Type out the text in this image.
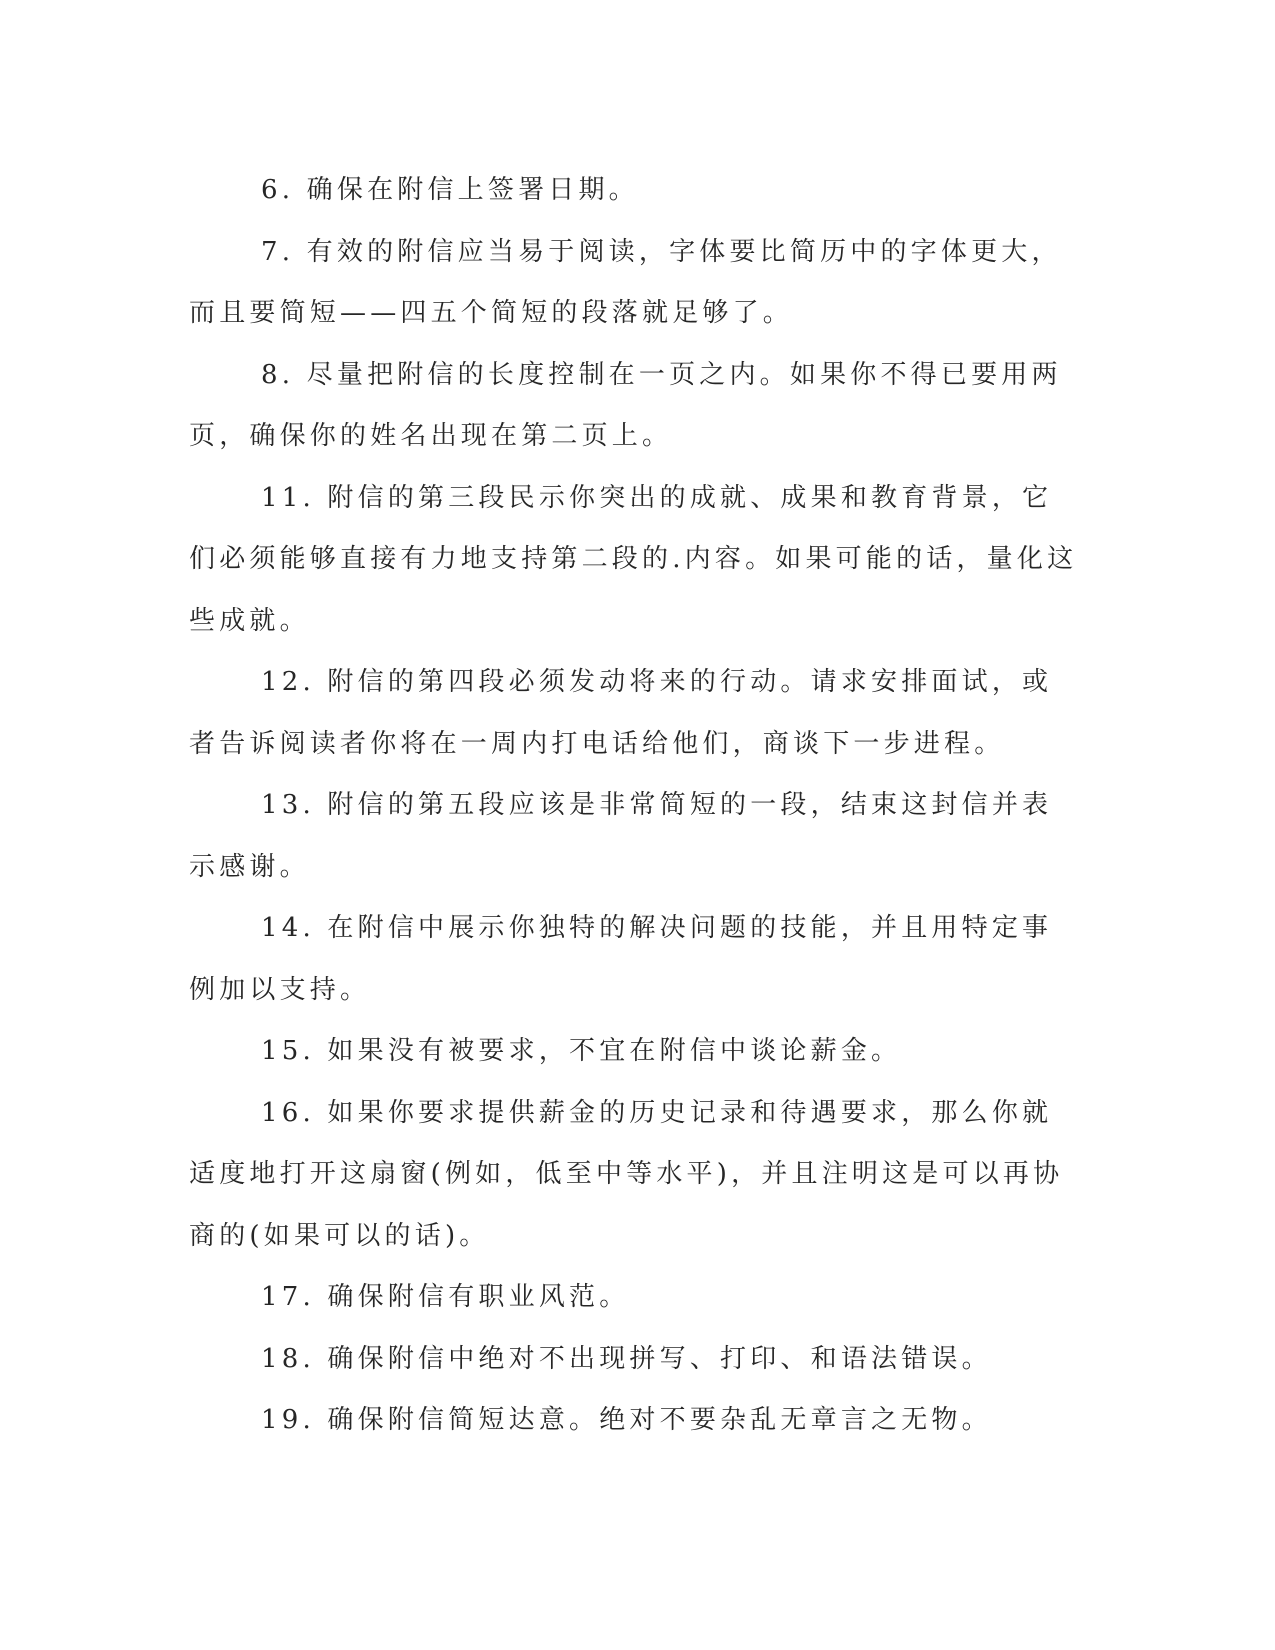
6. 确保在附信上签署日期。

7. 有效的附信应当易于阅读，字体要比简历中的字体更大，而且要简短——四五个简短的段落就足够了。

8. 尽量把附信的长度控制在一页之内。如果你不得已要用两页，确保你的姓名出现在第二页上。

11. 附信的第三段民示你突出的成就、成果和教育背景，它们必须能够直接有力地支持第二段的.内容。如果可能的话，量化这些成就。

12. 附信的第四段必须发动将来的行动。请求安排面试，或者告诉阅读者你将在一周内打电话给他们，商谈下一步进程。

13. 附信的第五段应该是非常简短的一段，结束这封信并表示感谢。

14. 在附信中展示你独特的解决问题的技能，并且用特定事例加以支持。

15. 如果没有被要求，不宜在附信中谈论薪金。

16. 如果你要求提供薪金的历史记录和待遇要求，那么你就适度地打开这扇窗(例如，低至中等水平)，并且注明这是可以再协商的(如果可以的话)。

17. 确保附信有职业风范。

18. 确保附信中绝对不出现拼写、打印、和语法错误。

19. 确保附信简短达意。绝对不要杂乱无章言之无物。
